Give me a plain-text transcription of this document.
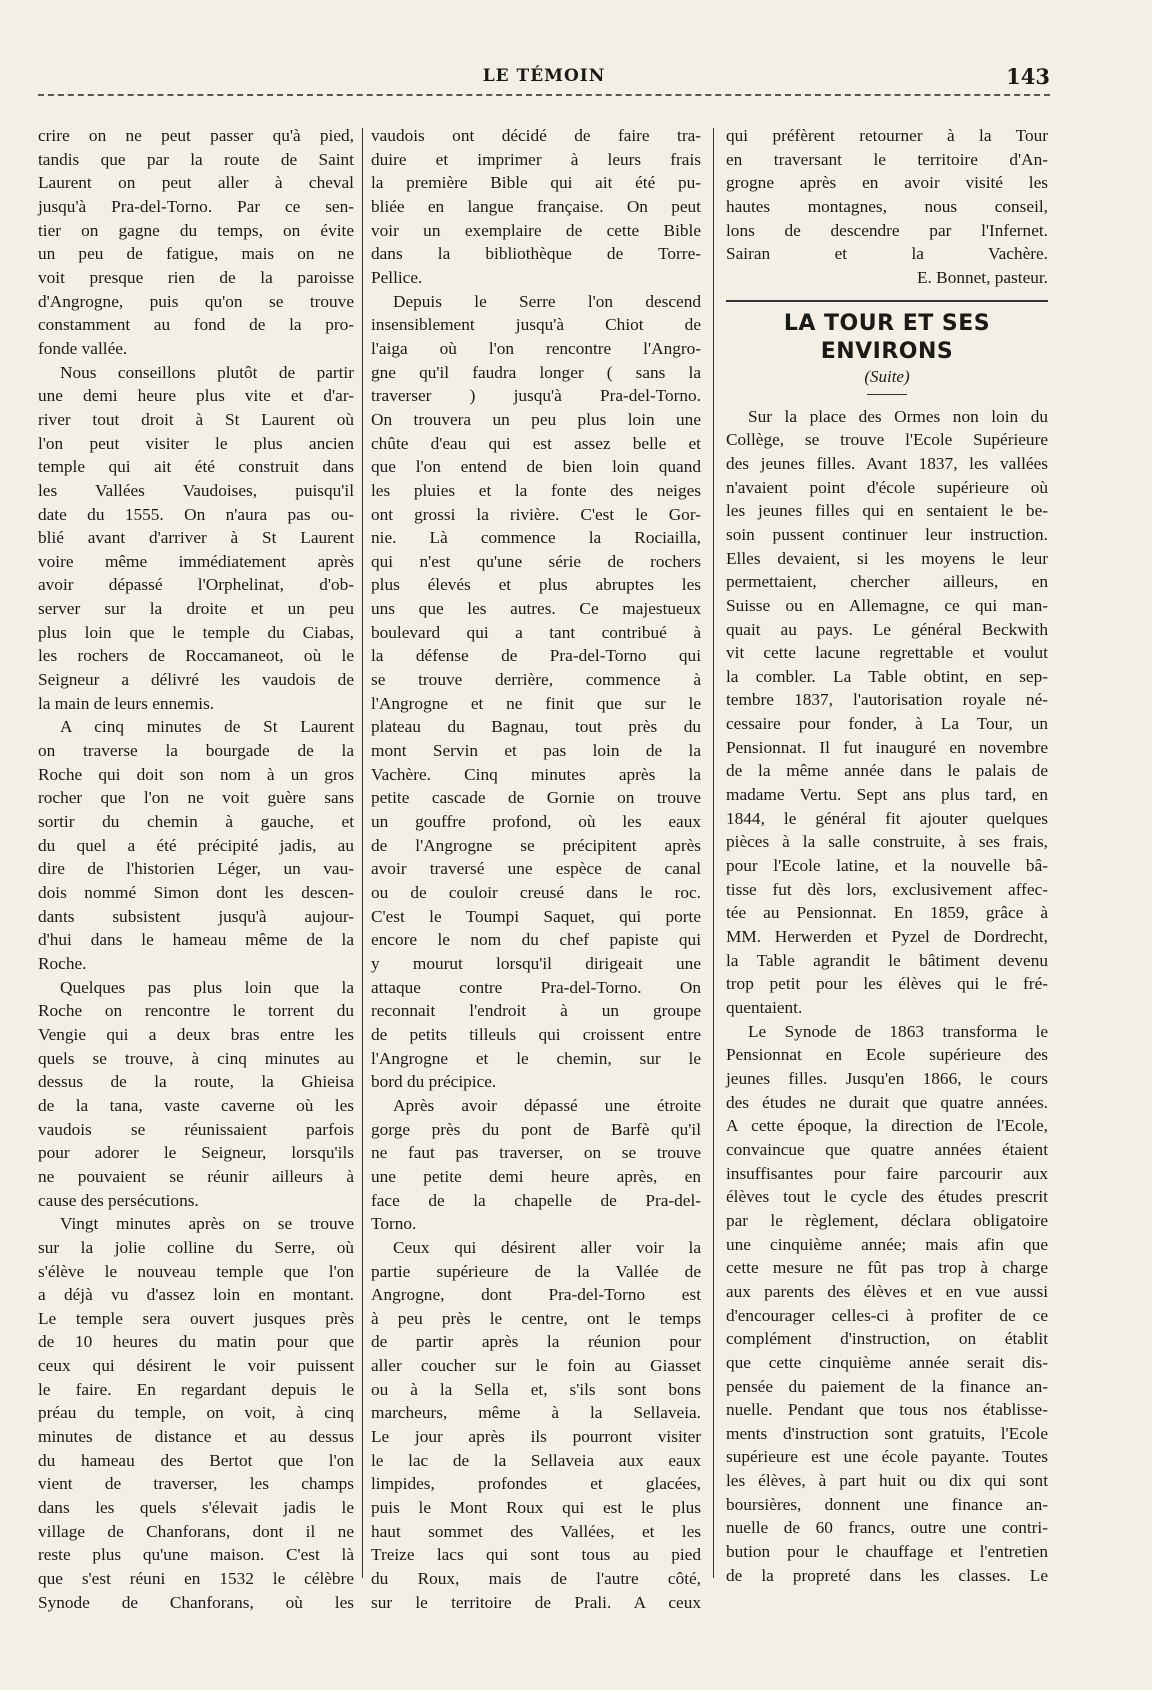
LE TÉMOIN	143
crire on ne peut passer qu'à pied,
tandis que par la route de Saint
Laurent on peut aller à cheval
jusqu'à Pra-del-Torno. Par ce sen-
tier on gagne du temps, on évite
un peu de fatigue, mais on ne
voit presque rien de la paroisse
d'Angrogne, puis qu'on se trouve
constamment au fond de la pro-
fonde vallée.
Nous conseillons plutôt de partir
une demi heure plus vite et d'ar-
river tout droit à St Laurent où
l'on peut visiter le plus ancien
temple qui ait été construit dans
les Vallées Vaudoises, puisqu'il
date du 1555. On n'aura pas ou-
blié avant d'arriver à St Laurent
voire même immédiatement après
avoir dépassé l'Orphelinat, d'ob-
server sur la droite et un peu
plus loin que le temple du Ciabas,
les rochers de Roccamaneot, où le
Seigneur a délivré les vaudois de
la main de leurs ennemis.
A cinq minutes de St Laurent
on traverse la bourgade de la
Roche qui doit son nom à un gros
rocher que l'on ne voit guère sans
sortir du chemin à gauche, et
du quel a été précipité jadis, au
dire de l'historien Léger, un vau-
dois nommé Simon dont les descen-
dants subsistent jusqu'à aujour-
d'hui dans le hameau même de la
Roche.
Quelques pas plus loin que la
Roche on rencontre le torrent du
Vengie qui a deux bras entre les
quels se trouve, à cinq minutes au
dessus de la route, la Ghieisa
de la tana, vaste caverne où les
vaudois se réunissaient parfois
pour adorer le Seigneur, lorsqu'ils
ne pouvaient se réunir ailleurs à
cause des persécutions.
Vingt minutes après on se trouve
sur la jolie colline du Serre, où
s'élève le nouveau temple que l'on
a déjà vu d'assez loin en montant.
Le temple sera ouvert jusques près
de 10 heures du matin pour que
ceux qui désirent le voir puissent
le faire. En regardant depuis le
préau du temple, on voit, à cinq
minutes de distance et au dessus
du hameau des Bertot que l'on
vient de traverser, les champs
dans les quels s'élevait jadis le
village de Chanforans, dont il ne
reste plus qu'une maison. C'est là
que s'est réuni en 1532 le célèbre
Synode de Chanforans, où les
vaudois ont décidé de faire tra-
duire et imprimer à leurs frais
la première Bible qui ait été pu-
bliée en langue française. On peut
voir un exemplaire de cette Bible
dans la bibliothèque de Torre-
Pellice.
Depuis le Serre l'on descend
insensiblement jusqu'à Chiot de
l'aiga où l'on rencontre l'Angro-
gne qu'il faudra longer ( sans la
traverser ) jusqu'à Pra-del-Torno.
On trouvera un peu plus loin une
chûte d'eau qui est assez belle et
que l'on entend de bien loin quand
les pluies et la fonte des neiges
ont grossi la rivière. C'est le Gor-
nie. Là commence la Rociailla,
qui n'est qu'une série de rochers
plus élevés et plus abruptes les
uns que les autres. Ce majestueux
boulevard qui a tant contribué à
la défense de Pra-del-Torno qui
se trouve derrière, commence à
l'Angrogne et ne finit que sur le
plateau du Bagnau, tout près du
mont Servin et pas loin de la
Vachère. Cinq minutes après la
petite cascade de Gornie on trouve
un gouffre profond, où les eaux
de l'Angrogne se précipitent après
avoir traversé une espèce de canal
ou de couloir creusé dans le roc.
C'est le Toumpi Saquet, qui porte
encore le nom du chef papiste qui
y mourut lorsqu'il dirigeait une
attaque contre Pra-del-Torno. On
reconnait l'endroit à un groupe
de petits tilleuls qui croissent entre
l'Angrogne et le chemin, sur le
bord du précipice.
Après avoir dépassé une étroite
gorge près du pont de Barfè qu'il
ne faut pas traverser, on se trouve
une petite demi heure après, en
face de la chapelle de Pra-del-
Torno.
Ceux qui désirent aller voir la
partie supérieure de la Vallée de
Angrogne, dont Pra-del-Torno est
à peu près le centre, ont le temps
de partir après la réunion pour
aller coucher sur le foin au Giasset
ou à la Sella et, s'ils sont bons
marcheurs, même à la Sellaveia.
Le jour après ils pourront visiter
le lac de la Sellaveia aux eaux
limpides, profondes et glacées,
puis le Mont Roux qui est le plus
haut sommet des Vallées, et les
Treize lacs qui sont tous au pied
du Roux, mais de l'autre côté,
sur le territoire de Prali. A ceux
qui préfèrent retourner à la Tour
en traversant le territoire d'An-
grogne après en avoir visité les
hautes montagnes, nous conseil,
lons de descendre par l'Infernet.
Sairan et la Vachère.
E. Bonnet, pasteur.
LA TOUR ET SES ENVIRONS
(Suite)
Sur la place des Ormes non loin du
Collège, se trouve l'Ecole Supérieure
des jeunes filles. Avant 1837, les vallées
n'avaient point d'école supérieure où
les jeunes filles qui en sentaient le be-
soin pussent continuer leur instruction.
Elles devaient, si les moyens le leur
permettaient, chercher ailleurs, en
Suisse ou en Allemagne, ce qui man-
quait au pays. Le général Beckwith
vit cette lacune regrettable et voulut
la combler. La Table obtint, en sep-
tembre 1837, l'autorisation royale né-
cessaire pour fonder, à La Tour, un
Pensionnat. Il fut inauguré en novembre
de la même année dans le palais de
madame Vertu. Sept ans plus tard, en
1844, le général fit ajouter quelques
pièces à la salle construite, à ses frais,
pour l'Ecole latine, et la nouvelle bâ-
tisse fut dès lors, exclusivement affec-
tée au Pensionnat. En 1859, grâce à
MM. Herwerden et Pyzel de Dordrecht,
la Table agrandit le bâtiment devenu
trop petit pour les élèves qui le fré-
quentaient.
Le Synode de 1863 transforma le
Pensionnat en Ecole supérieure des
jeunes filles. Jusqu'en 1866, le cours
des études ne durait que quatre années.
A cette époque, la direction de l'Ecole,
convaincue que quatre années étaient
insuffisantes pour faire parcourir aux
élèves tout le cycle des études prescrit
par le règlement, déclara obligatoire
une cinquième année; mais afin que
cette mesure ne fût pas trop à charge
aux parents des élèves et en vue aussi
d'encourager celles-ci à profiter de ce
complément d'instruction, on établit
que cette cinquième année serait dis-
pensée du paiement de la finance an-
nuelle. Pendant que tous nos établisse-
ments d'instruction sont gratuits, l'Ecole
supérieure est une école payante. Toutes
les élèves, à part huit ou dix qui sont
boursières, donnent une finance an-
nuelle de 60 francs, outre une contri-
bution pour le chauffage et l'entretien
de la propreté dans les classes. Le
